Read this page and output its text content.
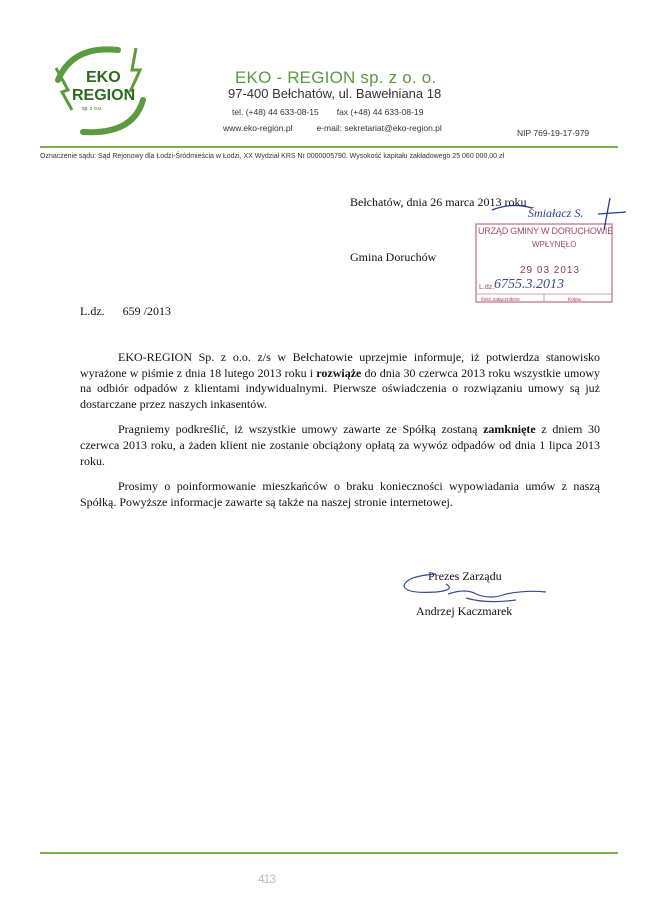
EKO
REGION
sp. z o.o.
EKO - REGION sp. z o. o.
97-400 Bełchatów, ul. Bawełniana 18
tel. (+48) 44 633-08-15 fax (+48) 44 633-08-19
www.eko-region.pl	e-mail: sekretariat@eko-region.pl	NIP 769-19-17-979
Oznaczenie sądu: Sąd Rejonowy dla Łodzi-Śródmieścia w Łodzi, XX Wydział KRS Nr 0000005790. Wysokość kapitału zakładowego 25 060 000,00 zł
Bełchatów, dnia 26 marca 2013 roku
Gmina Doruchów
L.dz. 659 /2013

EKO-REGION Sp. z o.o. z/s w Bełchatowie uprzejmie informuje, iż potwierdza stanowisko wyrażone w piśmie z dnia 18 lutego 2013 roku i rozwiąże do dnia 30 czerwca 2013 roku wszystkie umowy na odbiór odpadów z klientami indywidualnymi. Pierwsze oświadczenia o rozwiązaniu umowy są już dostarczane przez naszych inkasentów.

Pragniemy podkreślić, iż wszystkie umowy zawarte ze Spółką zostaną zamknięte z dniem 30 czerwca 2013 roku, a żaden klient nie zostanie obciążony opłatą za wywóz odpadów od dnia 1 lipca 2013 roku.

Prosimy o poinformowanie mieszkańców o braku konieczności wypowiadania umów z naszą Spółką. Powyższe informacje zawarte są także na naszej stronie internetowej.

Prezes Zarządu
Andrzej Kaczmarek
URZĄD GMINY W DORUCHOWIE
WPŁYNĘŁO
29 03 2013
L.dz. 6755.3.2013
Ilość załączników	Kolpa
Śmiałacz S.
413
